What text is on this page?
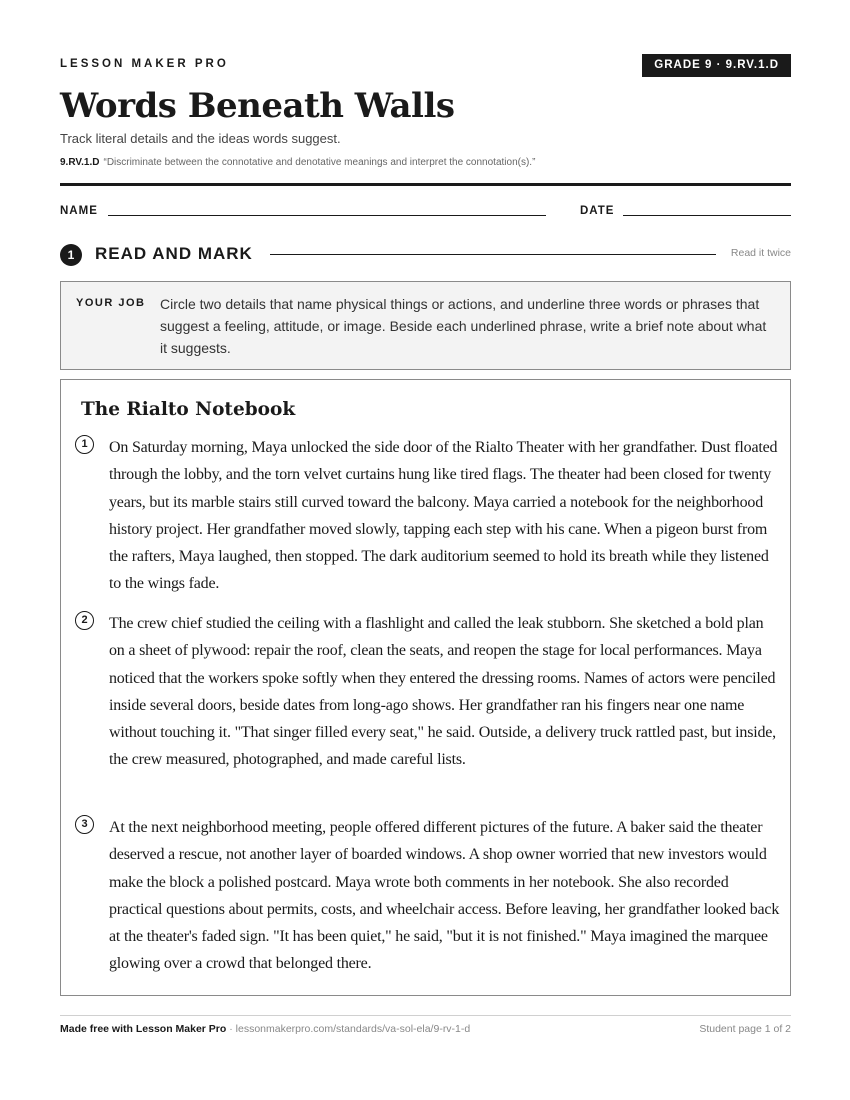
LESSON MAKER PRO	GRADE 9 · 9.RV.1.D
Words Beneath Walls
Track literal details and the ideas words suggest.
9.RV.1.D “Discriminate between the connotative and denotative meanings and interpret the connotation(s).”
NAME	DATE
1	READ AND MARK	Read it twice
YOUR JOB Circle two details that name physical things or actions, and underline three words or phrases that suggest a feeling, attitude, or image. Beside each underlined phrase, write a brief note about what it suggests.
The Rialto Notebook
1	On Saturday morning, Maya unlocked the side door of the Rialto Theater with her grandfather. Dust floated through the lobby, and the torn velvet curtains hung like tired flags. The theater had been closed for twenty years, but its marble stairs still curved toward the balcony. Maya carried a notebook for the neighborhood history project. Her grandfather moved slowly, tapping each step with his cane. When a pigeon burst from the rafters, Maya laughed, then stopped. The dark auditorium seemed to hold its breath while they listened to the wings fade.
2	The crew chief studied the ceiling with a flashlight and called the leak stubborn. She sketched a bold plan on a sheet of plywood: repair the roof, clean the seats, and reopen the stage for local performances. Maya noticed that the workers spoke softly when they entered the dressing rooms. Names of actors were penciled inside several doors, beside dates from long-ago shows. Her grandfather ran his fingers near one name without touching it. "That singer filled every seat," he said. Outside, a delivery truck rattled past, but inside, the crew measured, photographed, and made careful lists.
3	At the next neighborhood meeting, people offered different pictures of the future. A baker said the theater deserved a rescue, not another layer of boarded windows. A shop owner worried that new investors would make the block a polished postcard. Maya wrote both comments in her notebook. She also recorded practical questions about permits, costs, and wheelchair access. Before leaving, her grandfather looked back at the theater's faded sign. "It has been quiet," he said, "but it is not finished." Maya imagined the marquee glowing over a crowd that belonged there.
Made free with Lesson Maker Pro · lessonmakerpro.com/standards/va-sol-ela/9-rv-1-d	Student page 1 of 2
